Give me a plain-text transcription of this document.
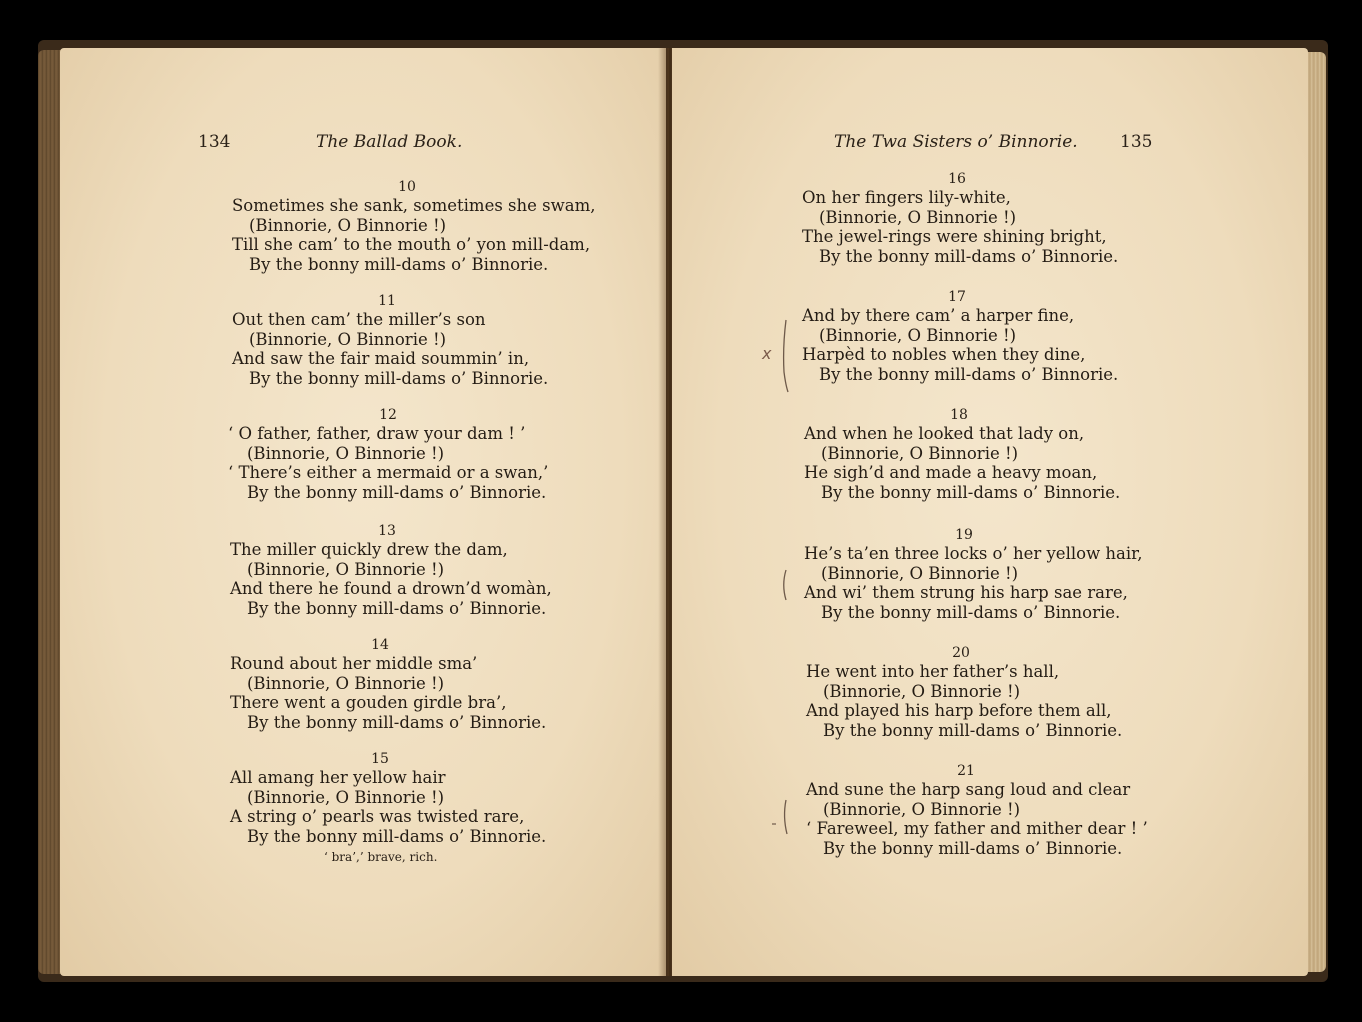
134	The Ballad Book.
10
Sometimes she sank, sometimes she swam,
(Binnorie, O Binnorie !)
Till she cam’ to the mouth o’ yon mill-dam,
By the bonny mill-dams o’ Binnorie.
11
Out then cam’ the miller’s son
(Binnorie, O Binnorie !)
And saw the fair maid soummin’ in,
By the bonny mill-dams o’ Binnorie.
12
‘ O father, father, draw your dam ! ’
(Binnorie, O Binnorie !)
‘ There’s either a mermaid or a swan,’
By the bonny mill-dams o’ Binnorie.
13
The miller quickly drew the dam,
(Binnorie, O Binnorie !)
And there he found a drown’d womàn,
By the bonny mill-dams o’ Binnorie.
14
Round about her middle sma’
(Binnorie, O Binnorie !)
There went a gouden girdle bra’,
By the bonny mill-dams o’ Binnorie.
15
All amang her yellow hair
(Binnorie, O Binnorie !)
A string o’ pearls was twisted rare,
By the bonny mill-dams o’ Binnorie.
‘ bra’,’ brave, rich.
The Twa Sisters o’ Binnorie. 135
16
On her fingers lily-white,
(Binnorie, O Binnorie !)
The jewel-rings were shining bright,
By the bonny mill-dams o’ Binnorie.
17
And by there cam’ a harper fine,
(Binnorie, O Binnorie !)
Harpèd to nobles when they dine,
By the bonny mill-dams o’ Binnorie.
18
And when he looked that lady on,
(Binnorie, O Binnorie !)
He sigh’d and made a heavy moan,
By the bonny mill-dams o’ Binnorie.
19
He’s ta’en three locks o’ her yellow hair,
(Binnorie, O Binnorie !)
And wi’ them strung his harp sae rare,
By the bonny mill-dams o’ Binnorie.
20
He went into her father’s hall,
(Binnorie, O Binnorie !)
And played his harp before them all,
By the bonny mill-dams o’ Binnorie.
21
And sune the harp sang loud and clear
(Binnorie, O Binnorie !)
‘ Fareweel, my father and mither dear ! ’
By the bonny mill-dams o’ Binnorie.
x
